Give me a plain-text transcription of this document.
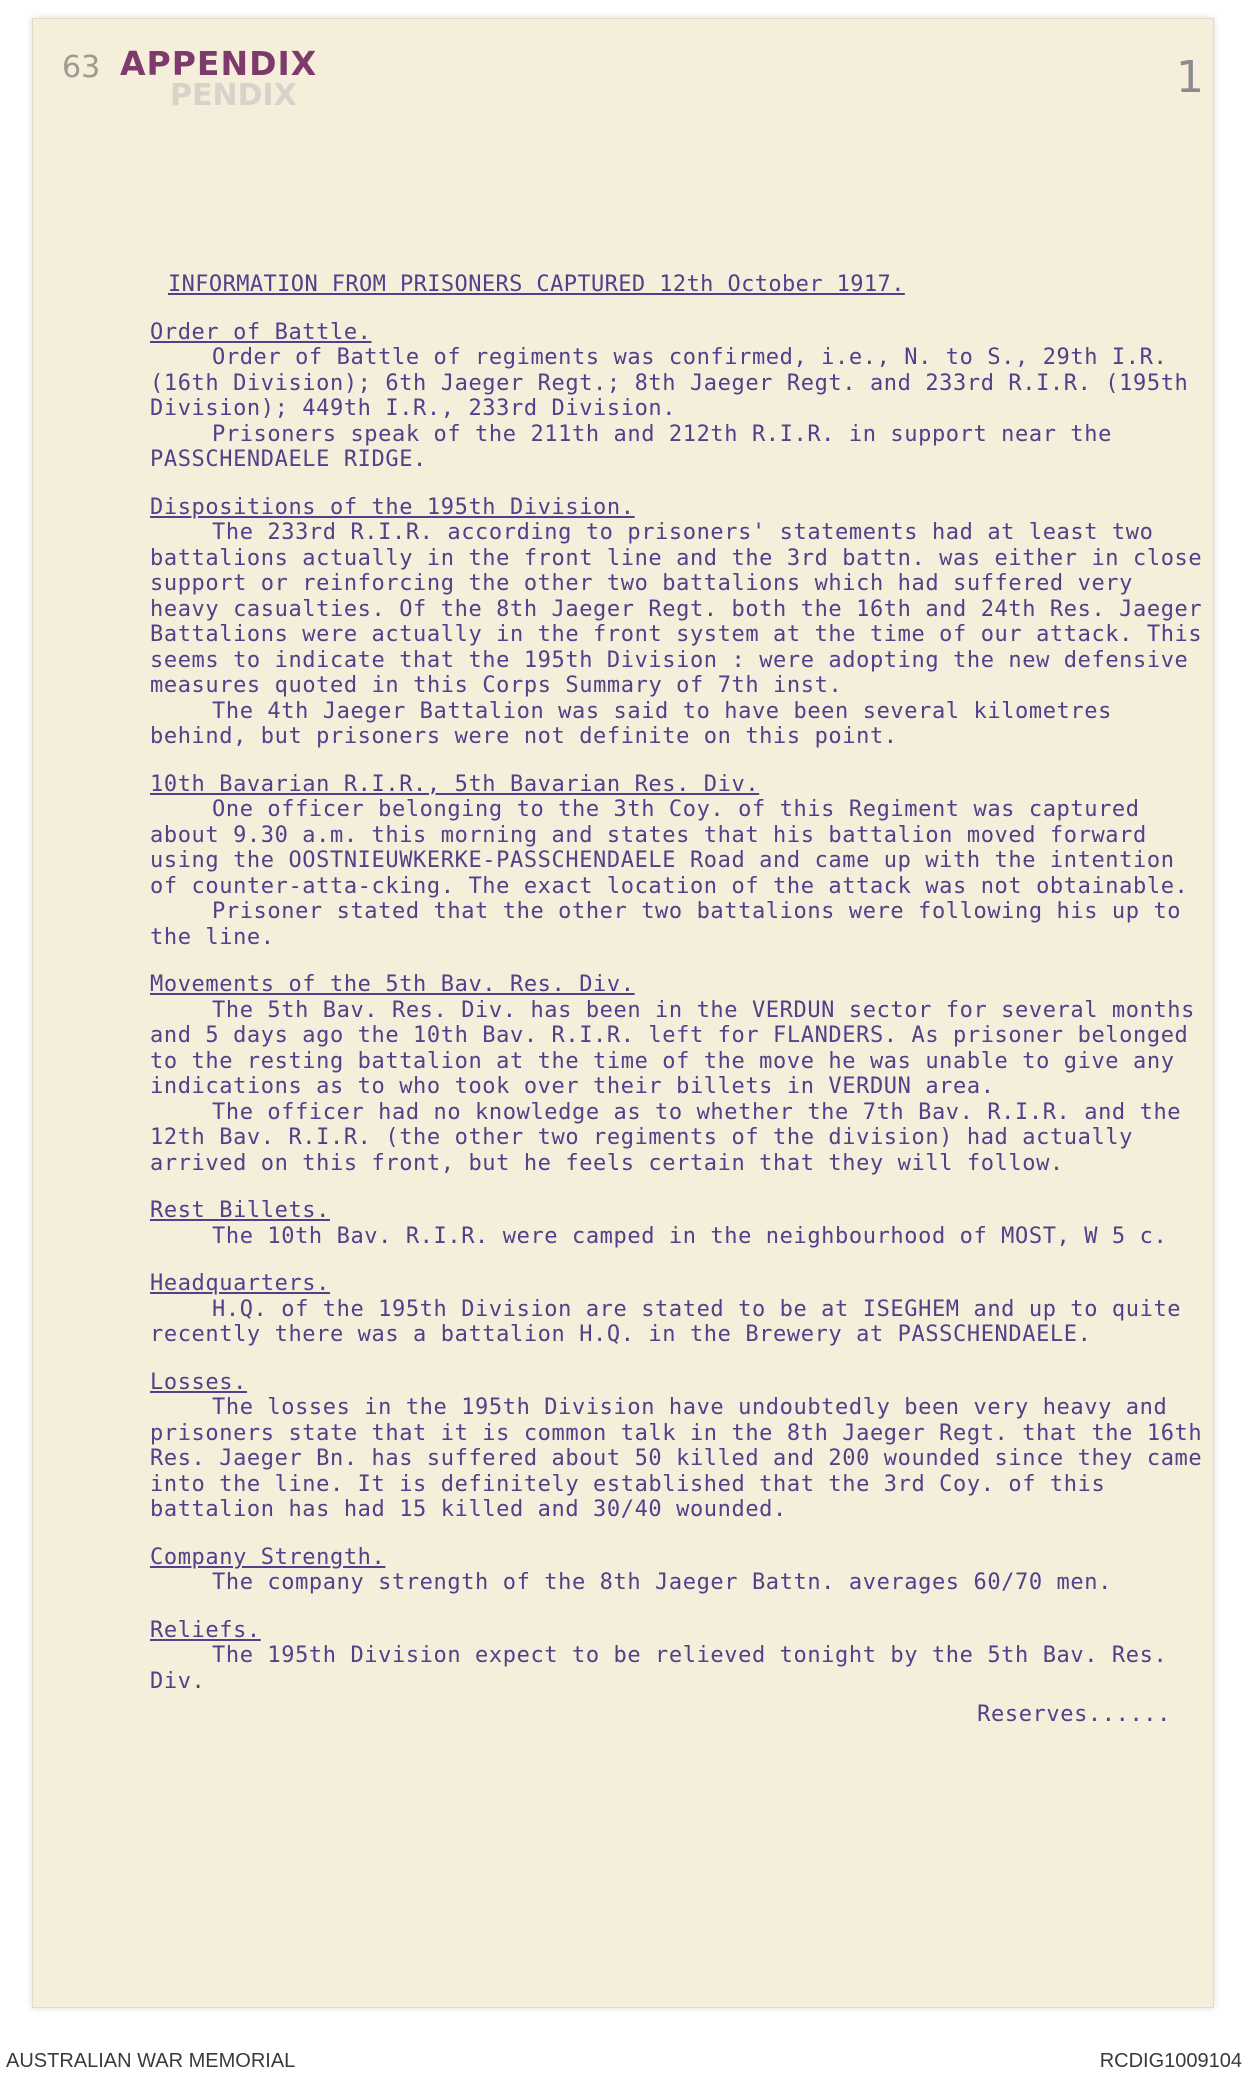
63 APPENDIX
PENDIX	1
INFORMATION FROM PRISONERS CAPTURED 12th October 1917.
Order of Battle.
Order of Battle of regiments was confirmed, i.e., N. to S., 29th I.R. (16th Division); 6th Jaeger Regt.; 8th Jaeger Regt. and 233rd R.I.R. (195th Division); 449th I.R., 233rd Division.
Prisoners speak of the 211th and 212th R.I.R. in support near the PASSCHENDAELE RIDGE.
Dispositions of the 195th Division.
The 233rd R.I.R. according to prisoners' statements had at least two battalions actually in the front line and the 3rd battn. was either in close support or reinforcing the other two battalions which had suffered very heavy casualties. Of the 8th Jaeger Regt. both the 16th and 24th Res. Jaeger Battalions were actually in the front system at the time of our attack. This seems to indicate that the 195th Division : were adopting the new defensive measures quoted in this Corps Summary of 7th inst.
The 4th Jaeger Battalion was said to have been several kilometres behind, but prisoners were not definite on this point.
10th Bavarian R.I.R., 5th Bavarian Res. Div.
One officer belonging to the 3th Coy. of this Regiment was captured about 9.30 a.m. this morning and states that his battalion moved forward using the OOSTNIEUWKERKE-PASSCHENDAELE Road and came up with the intention of counter-atta-cking. The exact location of the attack was not obtainable.
Prisoner stated that the other two battalions were following his up to the line.
Movements of the 5th Bav. Res. Div.
The 5th Bav. Res. Div. has been in the VERDUN sector for several months and 5 days ago the 10th Bav. R.I.R. left for FLANDERS. As prisoner belonged to the resting battalion at the time of the move he was unable to give any indications as to who took over their billets in VERDUN area.
The officer had no knowledge as to whether the 7th Bav. R.I.R. and the 12th Bav. R.I.R. (the other two regiments of the division) had actually arrived on this front, but he feels certain that they will follow.
Rest Billets.
The 10th Bav. R.I.R. were camped in the neighbourhood of MOST, W 5 c.
Headquarters.
H.Q. of the 195th Division are stated to be at ISEGHEM and up to quite recently there was a battalion H.Q. in the Brewery at PASSCHENDAELE.
Losses.
The losses in the 195th Division have undoubtedly been very heavy and prisoners state that it is common talk in the 8th Jaeger Regt. that the 16th Res. Jaeger Bn. has suffered about 50 killed and 200 wounded since they came into the line. It is definitely established that the 3rd Coy. of this battalion has had 15 killed and 30/40 wounded.
Company Strength.
The company strength of the 8th Jaeger Battn. averages 60/70 men.
Reliefs.
The 195th Division expect to be relieved tonight by the 5th Bav. Res. Div.
Reserves......
AUSTRALIAN WAR MEMORIAL	RCDIG1009104
